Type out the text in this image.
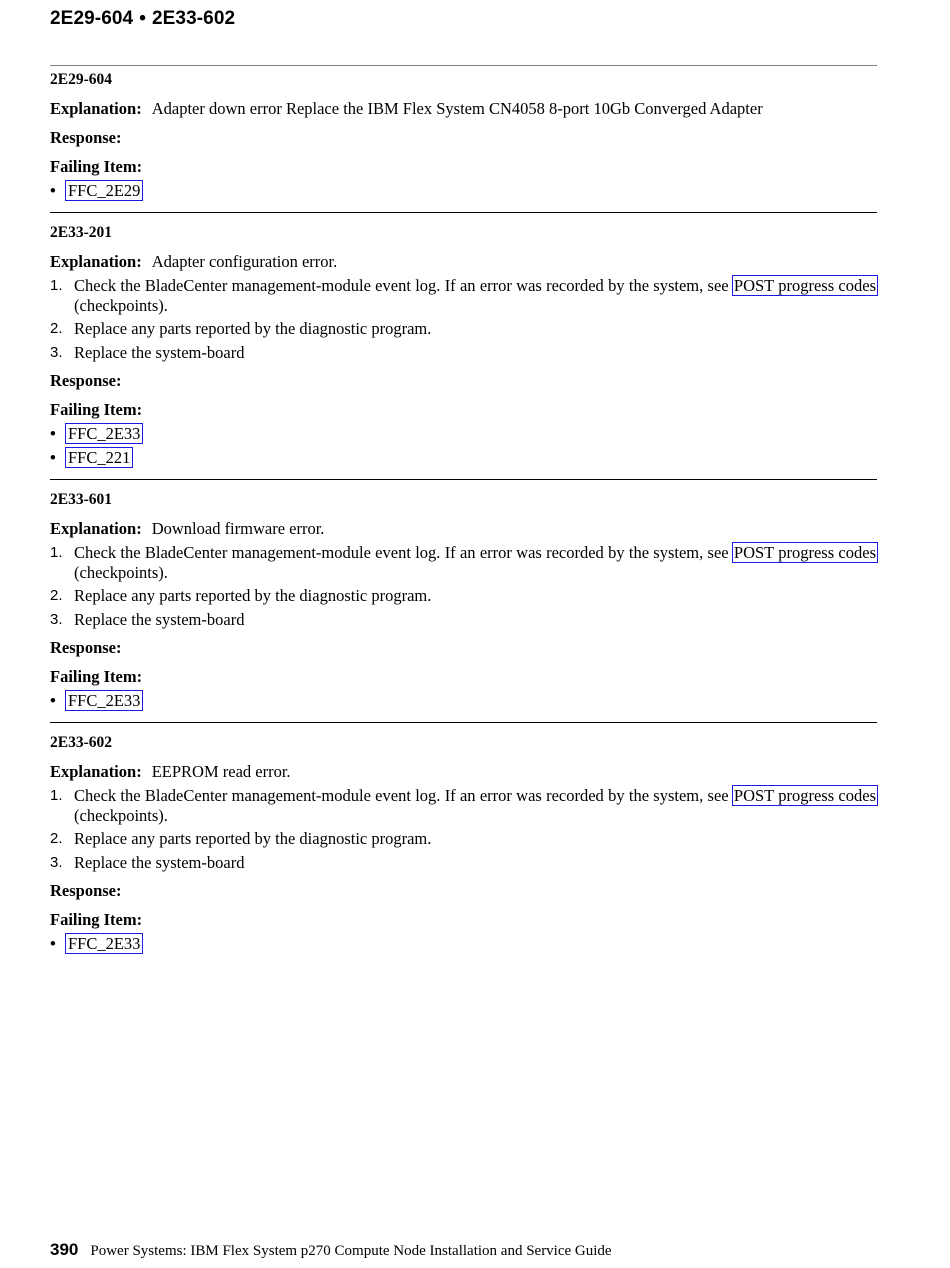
2E29-604 • 2E33-602
2E29-604
Explanation: Adapter down error Replace the IBM Flex System CN4058 8-port 10Gb Converged Adapter
Response:
Failing Item:
• FFC_2E29
2E33-201
Explanation: Adapter configuration error.
1. Check the BladeCenter management-module event log. If an error was recorded by the system, see POST progress codes (checkpoints).
2. Replace any parts reported by the diagnostic program.
3. Replace the system-board
Response:
Failing Item:
• FFC_2E33
• FFC_221
2E33-601
Explanation: Download firmware error.
1. Check the BladeCenter management-module event log. If an error was recorded by the system, see POST progress codes (checkpoints).
2. Replace any parts reported by the diagnostic program.
3. Replace the system-board
Response:
Failing Item:
• FFC_2E33
2E33-602
Explanation: EEPROM read error.
1. Check the BladeCenter management-module event log. If an error was recorded by the system, see POST progress codes (checkpoints).
2. Replace any parts reported by the diagnostic program.
3. Replace the system-board
Response:
Failing Item:
• FFC_2E33
390 Power Systems: IBM Flex System p270 Compute Node Installation and Service Guide
